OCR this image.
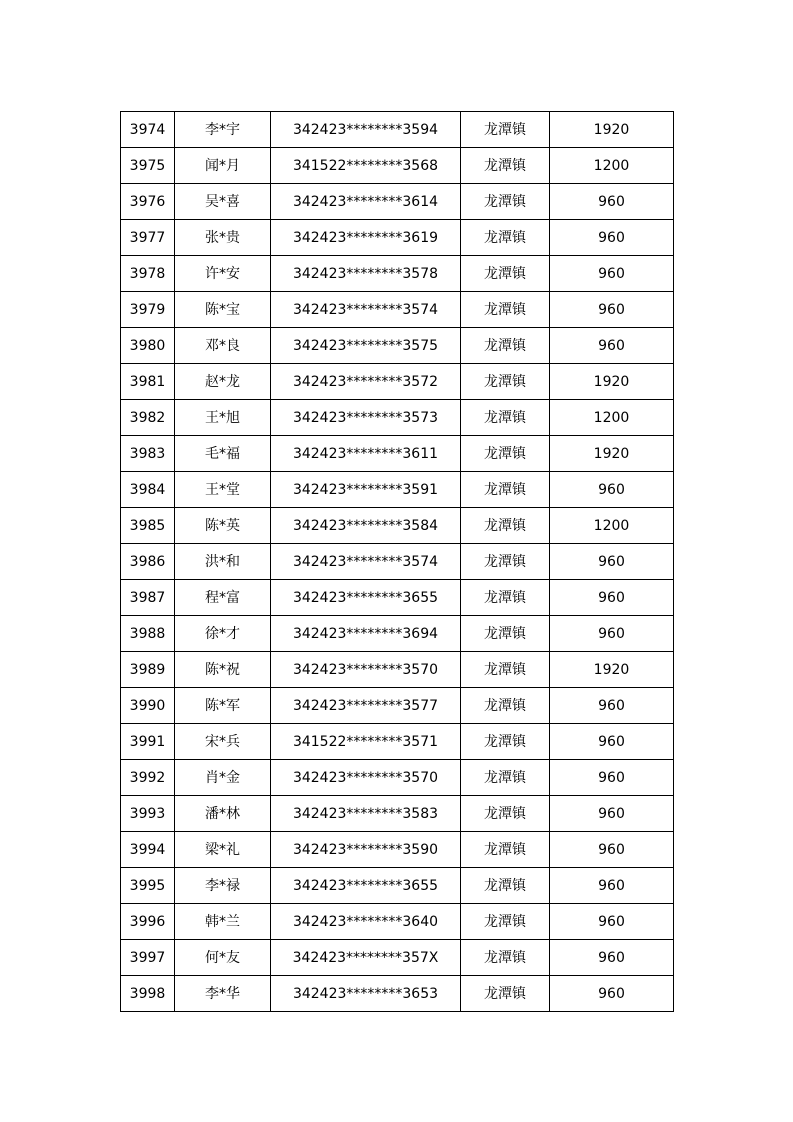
3974	李*宇	342423********3594	龙潭镇	1920
3975	闻*月	341522********3568	龙潭镇	1200
3976	吴*喜	342423********3614	龙潭镇	960
3977	张*贵	342423********3619	龙潭镇	960
3978	许*安	342423********3578	龙潭镇	960
3979	陈*宝	342423********3574	龙潭镇	960
3980	邓*良	342423********3575	龙潭镇	960
3981	赵*龙	342423********3572	龙潭镇	1920
3982	王*旭	342423********3573	龙潭镇	1200
3983	毛*福	342423********3611	龙潭镇	1920
3984	王*堂	342423********3591	龙潭镇	960
3985	陈*英	342423********3584	龙潭镇	1200
3986	洪*和	342423********3574	龙潭镇	960
3987	程*富	342423********3655	龙潭镇	960
3988	徐*才	342423********3694	龙潭镇	960
3989	陈*祝	342423********3570	龙潭镇	1920
3990	陈*军	342423********3577	龙潭镇	960
3991	宋*兵	341522********3571	龙潭镇	960
3992	肖*金	342423********3570	龙潭镇	960
3993	潘*林	342423********3583	龙潭镇	960
3994	梁*礼	342423********3590	龙潭镇	960
3995	李*禄	342423********3655	龙潭镇	960
3996	韩*兰	342423********3640	龙潭镇	960
3997	何*友	342423********357X	龙潭镇	960
3998	李*华	342423********3653	龙潭镇	960
